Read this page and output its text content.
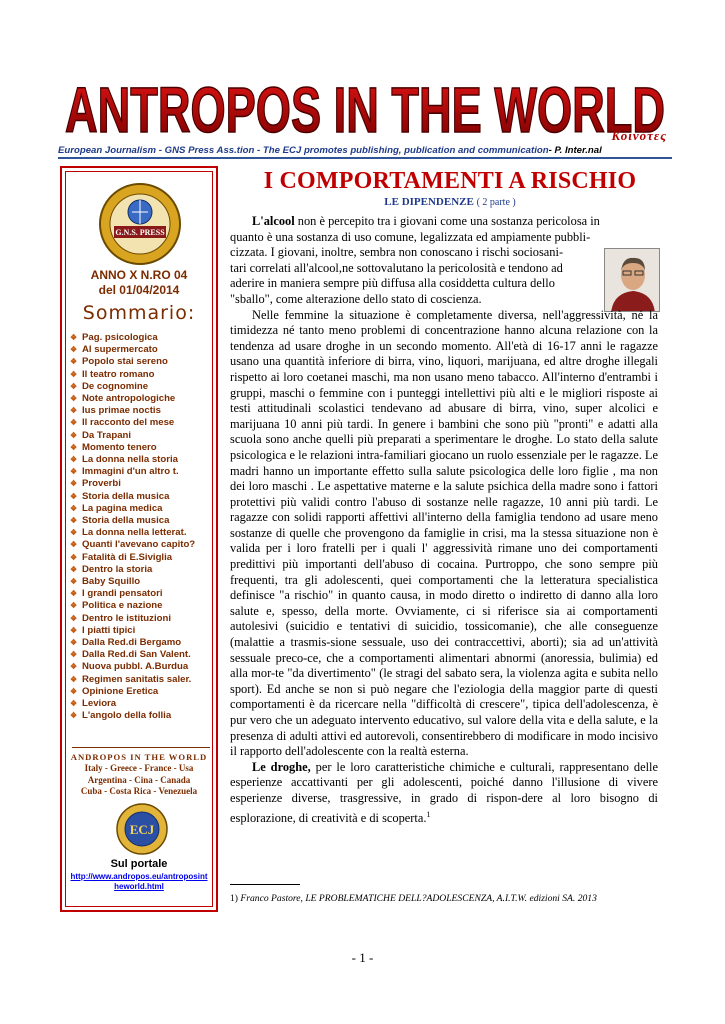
ANTROPOS IN THE WORLD
Κοινὸτες
European Journalism - GNS Press Ass.tion - The ECJ promotes publishing, publication and communication- P. Inter.nal
G.N.S. PRESS
ANNO X N.RO 04
del 01/04/2014
Sommario:
❖ Pag. psicologica
❖ Al supermercato
❖ Popolo stai sereno
❖ Il teatro romano
❖ De cognomine
❖ Note antropologiche
❖ Ius primae noctis
❖ Il racconto del mese
❖ Da Trapani
❖ Momento tenero
❖ La donna nella storia
❖ Immagini d'un altro t.
❖ Proverbi
❖ Storia della musica
❖ La pagina medica
❖ Storia della musica
❖ La donna nella letterat.
❖ Quanti l'avevano capito?
❖ Fatalità di E.Siviglia
❖ Dentro la storia
❖ Baby Squillo
❖ I grandi pensatori
❖ Politica e nazione
❖ Dentro le istituzioni
❖ I piatti tipici
❖ Dalla Red.di Bergamo
❖ Dalla Red.di San Valent.
❖ Nuova pubbl. A.Burdua
❖ Regimen sanitatis saler.
❖ Opinione Eretica
❖ Leviora
❖ L'angolo della follia
ANDROPOS IN THE WORLD
Italy - Greece - France - Usa
Argentina - Cina - Canada
Cuba - Costa Rica - Venezuela
ECJ
Sul portale
http://www.andropos.eu/antroposint
heworld.html
I COMPORTAMENTI A RISCHIO
LE DIPENDENZE ( 2 parte )
L'alcool non è percepito tra i giovani come una sostanza pericolosa in
quanto è una sostanza di uso comune, legalizzata ed ampiamente pubbli-
cizzata. I giovani, inoltre, sembra non conoscano i rischi sociosani-
tari correlati all'alcool,ne sottovalutano la pericolosità e tendono ad
aderire in maniera sempre più diffusa alla cosiddetta cultura dello
"sballo", come alterazione dello stato di coscienza.

Nelle femmine la situazione è completamente diversa, nell'aggressività, né la timidezza né tanto meno problemi di concentrazione hanno alcuna relazione con la tendenza ad usare droghe in un secondo momento. All'età di 16-17 anni le ragazze usano una quantità inferiore di birra, vino, liquori, marijuana, ed altre droghe illegali rispetto ai loro coetanei maschi, ma non usano meno tabacco. All'interno d'entrambi i gruppi, maschi o femmine con i punteggi intellettivi più alti e le migliori risposte ai testi attitudinali scolastici tendevano ad abusare di birra, vino, super alcolici e marijuana 10 anni più tardi. In genere i bambini che sono più "pronti" e adatti alla scuola sono anche quelli più preparati a sperimentare le droghe. Lo stato della salute psicologica e le relazioni intra-familiari giocano un ruolo essenziale per le ragazze. Le madri hanno un importante effetto sulla salute psicologica delle loro figlie , ma non dei loro maschi . Le aspettative materne e la salute psichica della madre sono i fattori protettivi più validi contro l'abuso di sostanze nelle ragazze, 10 anni più tardi. Le ragazze con solidi rapporti affettivi all'interno della famiglia tendono ad usare meno sostanze di quelle che provengono da famiglie in crisi, ma la stessa situazione non è valida per i loro fratelli per i quali l' aggressività rimane uno dei comportamenti predittivi più importanti dell'abuso di cocaina. Purtroppo, che sono sempre più frequenti, tra gli adolescenti, quei comportamenti che la letteratura specialistica definisce "a rischio" in quanto causa, in modo diretto o indiretto di danno alla loro salute e, spesso, della morte. Ovviamente, ci si riferisce sia ai comportamenti autolesivi (suicidio e tentativi di suicidio, tossicomanie), che alle conseguenze (malattie a trasmis-sione sessuale, uso dei contraccettivi, aborti); sia ad un'attività sessuale preco-ce, che a comportamenti alimentari abnormi (anoressia, bulimia) ed alla mor-te "da divertimento" (le stragi del sabato sera, la violenza agita e subita nello sport). Ed anche se non si può negare che l'eziologia della maggior parte di questi comportamenti è da ricercare nella "difficoltà di crescere", tipica dell'adolescenza, è pur vero che un adeguato intervento educativo, sul valore della vita e della salute, e la presenza di adulti attivi ed autorevoli, consentirebbero di modificare in modo incisivo il rapporto dell'adolescente con la realtà esterna.

Le droghe, per le loro caratteristiche chimiche e culturali, rappresentano delle esperienze accattivanti per gli adolescenti, poiché danno l'illusione di vivere esperienze diverse, trasgressive, in grado di rispon-dere al loro bisogno di esplorazione, di creatività e di scoperta.$^1$

1) Franco Pastore, LE PROBLEMATICHE DELL?ADOLESCENZA, A.I.T.W. edizioni SA. 2013
- 1 -
